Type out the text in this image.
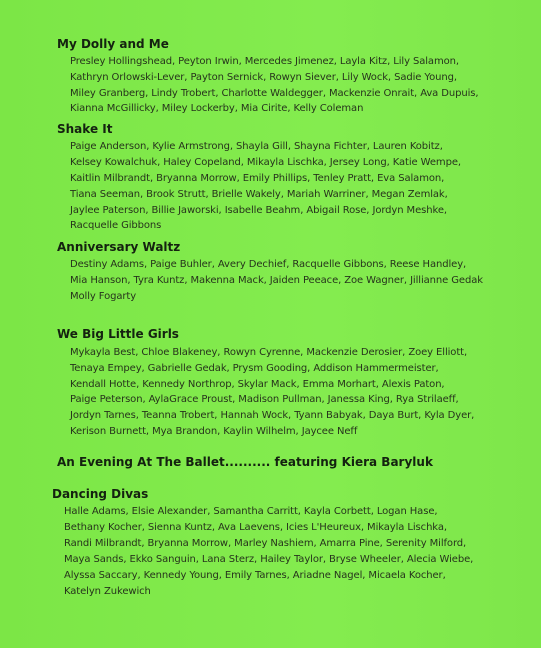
My Dolly and Me
Presley Hollingshead, Peyton Irwin, Mercedes Jimenez, Layla Kitz, Lily Salamon,
Kathryn Orlowski-Lever, Payton Sernick, Rowyn Siever, Lily Wock, Sadie Young,
Miley Granberg, Lindy Trobert, Charlotte Waldegger, Mackenzie Onrait, Ava Dupuis,
Kianna McGillicky, Miley Lockerby, Mia Cirite, Kelly Coleman
Shake It
Paige Anderson, Kylie Armstrong, Shayla Gill, Shayna Fichter, Lauren Kobitz,
Kelsey Kowalchuk, Haley Copeland, Mikayla Lischka, Jersey Long, Katie Wempe,
Kaitlin Milbrandt, Bryanna Morrow, Emily Phillips, Tenley Pratt, Eva Salamon,
Tiana Seeman, Brook Strutt, Brielle Wakely, Mariah Warriner, Megan Zemlak,
Jaylee Paterson, Billie Jaworski, Isabelle Beahm, Abigail Rose, Jordyn Meshke,
Racquelle Gibbons
Anniversary Waltz
Destiny Adams, Paige Buhler, Avery Dechief, Racquelle Gibbons, Reese Handley,
Mia Hanson, Tyra Kuntz, Makenna Mack, Jaiden Peeace, Zoe Wagner, Jillianne Gedak
Molly Fogarty
We Big Little Girls
Mykayla Best, Chloe Blakeney, Rowyn Cyrenne, Mackenzie Derosier, Zoey Elliott,
Tenaya Empey, Gabrielle Gedak, Prysm Gooding, Addison Hammermeister,
Kendall Hotte, Kennedy Northrop, Skylar Mack, Emma Morhart, Alexis Paton,
Paige Peterson, AylaGrace Proust, Madison Pullman, Janessa King, Rya Strilaeff,
Jordyn Tarnes, Teanna Trobert, Hannah Wock, Tyann Babyak, Daya Burt, Kyla Dyer,
Kerison Burnett, Mya Brandon, Kaylin Wilhelm, Jaycee Neff
An Evening At The Ballet.......... featuring Kiera Baryluk
Dancing Divas
Halle Adams, Elsie Alexander, Samantha Carritt, Kayla Corbett, Logan Hase,
Bethany Kocher, Sienna Kuntz, Ava Laevens, Icies L'Heureux, Mikayla Lischka,
Randi Milbrandt, Bryanna Morrow, Marley Nashiem, Amarra Pine, Serenity Milford,
Maya Sands, Ekko Sanguin, Lana Sterz, Hailey Taylor, Bryse Wheeler, Alecia Wiebe,
Alyssa Saccary, Kennedy Young, Emily Tarnes, Ariadne Nagel, Micaela Kocher,
Katelyn Zukewich
